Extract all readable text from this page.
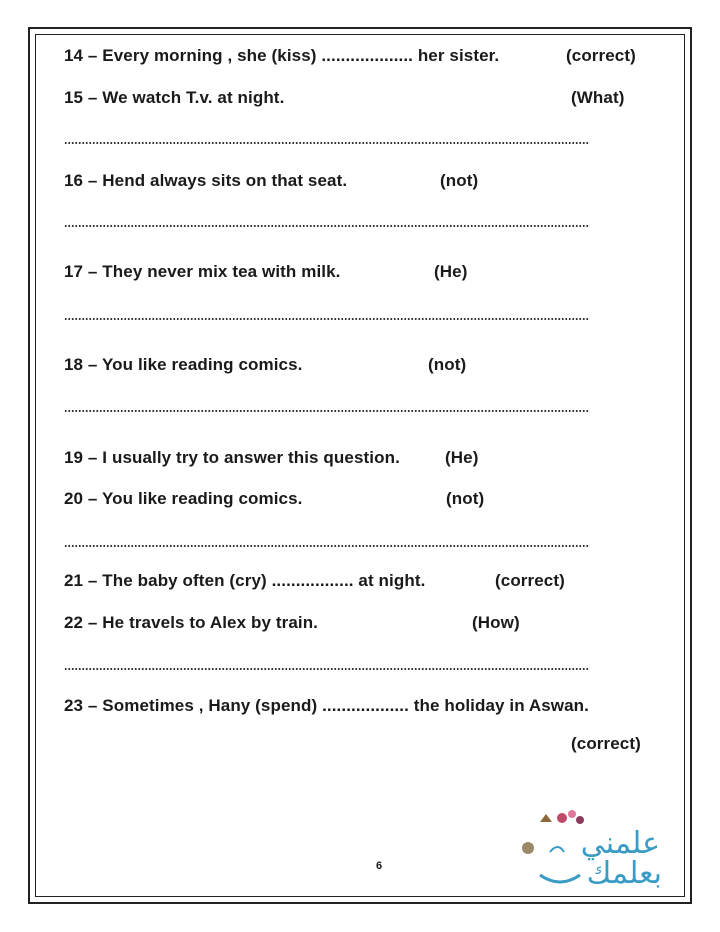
14 – Every morning , she (kiss) ................... her sister.	(correct)
15 – We watch T.v. at night.	(What)
16 – Hend always sits on that seat.	(not)
17 – They never mix tea with milk.	(He)
18 – You like reading comics.	(not)
19 – I usually try to answer this question.	(He)
20 – You like reading comics.	(not)
21 – The baby often (cry) ................. at night.	(correct)
22 – He travels to Alex by train.	(How)
23 – Sometimes , Hany (spend) .................. the holiday in Aswan.
(correct)
6
علمني
بعلمك
